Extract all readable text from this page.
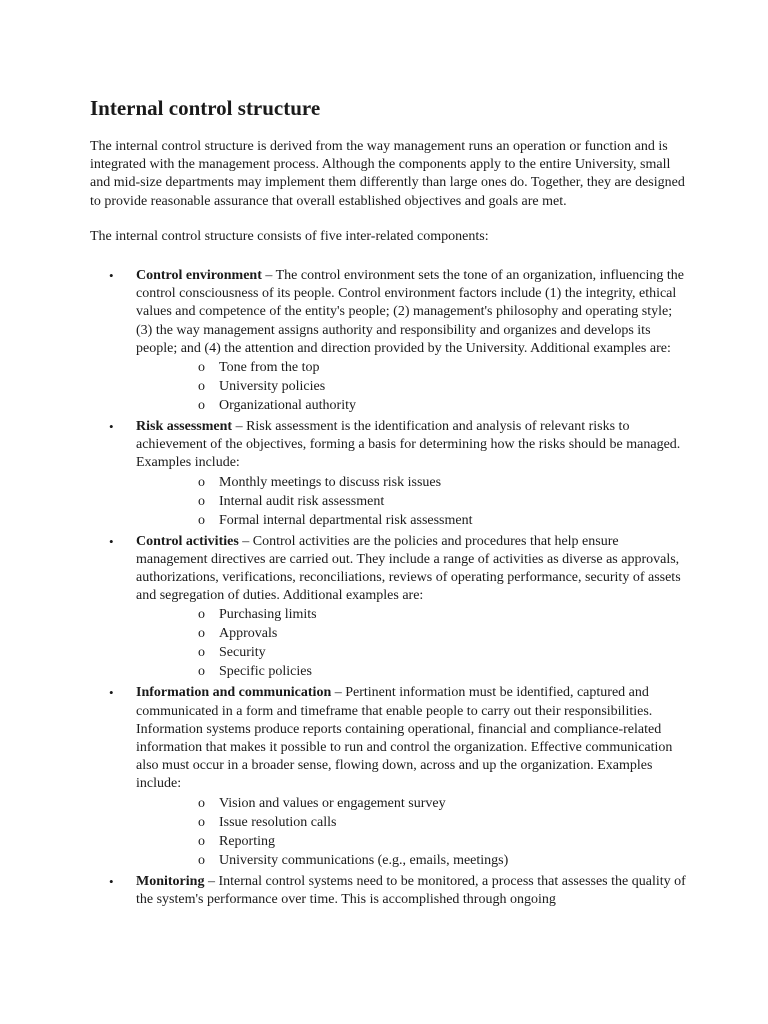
Internal control structure

The internal control structure is derived from the way management runs an operation or function and is integrated with the management process. Although the components apply to the entire University, small and mid-size departments may implement them differently than large ones do. Together, they are designed to provide reasonable assurance that overall established objectives and goals are met.

The internal control structure consists of five inter-related components:

• Control environment – The control environment sets the tone of an organization, influencing the control consciousness of its people. Control environment factors include (1) the integrity, ethical values and competence of the entity's people; (2) management's philosophy and operating style; (3) the way management assigns authority and responsibility and organizes and develops its people; and (4) the attention and direction provided by the University. Additional examples are:
o Tone from the top
o University policies
o Organizational authority
• Risk assessment – Risk assessment is the identification and analysis of relevant risks to achievement of the objectives, forming a basis for determining how the risks should be managed. Examples include:
o Monthly meetings to discuss risk issues
o Internal audit risk assessment
o Formal internal departmental risk assessment
• Control activities – Control activities are the policies and procedures that help ensure management directives are carried out. They include a range of activities as diverse as approvals, authorizations, verifications, reconciliations, reviews of operating performance, security of assets and segregation of duties. Additional examples are:
o Purchasing limits
o Approvals
o Security
o Specific policies
• Information and communication – Pertinent information must be identified, captured and communicated in a form and timeframe that enable people to carry out their responsibilities. Information systems produce reports containing operational, financial and compliance-related information that makes it possible to run and control the organization. Effective communication also must occur in a broader sense, flowing down, across and up the organization. Examples include:
o Vision and values or engagement survey
o Issue resolution calls
o Reporting
o University communications (e.g., emails, meetings)
• Monitoring – Internal control systems need to be monitored, a process that assesses the quality of the system's performance over time. This is accomplished through ongoing
